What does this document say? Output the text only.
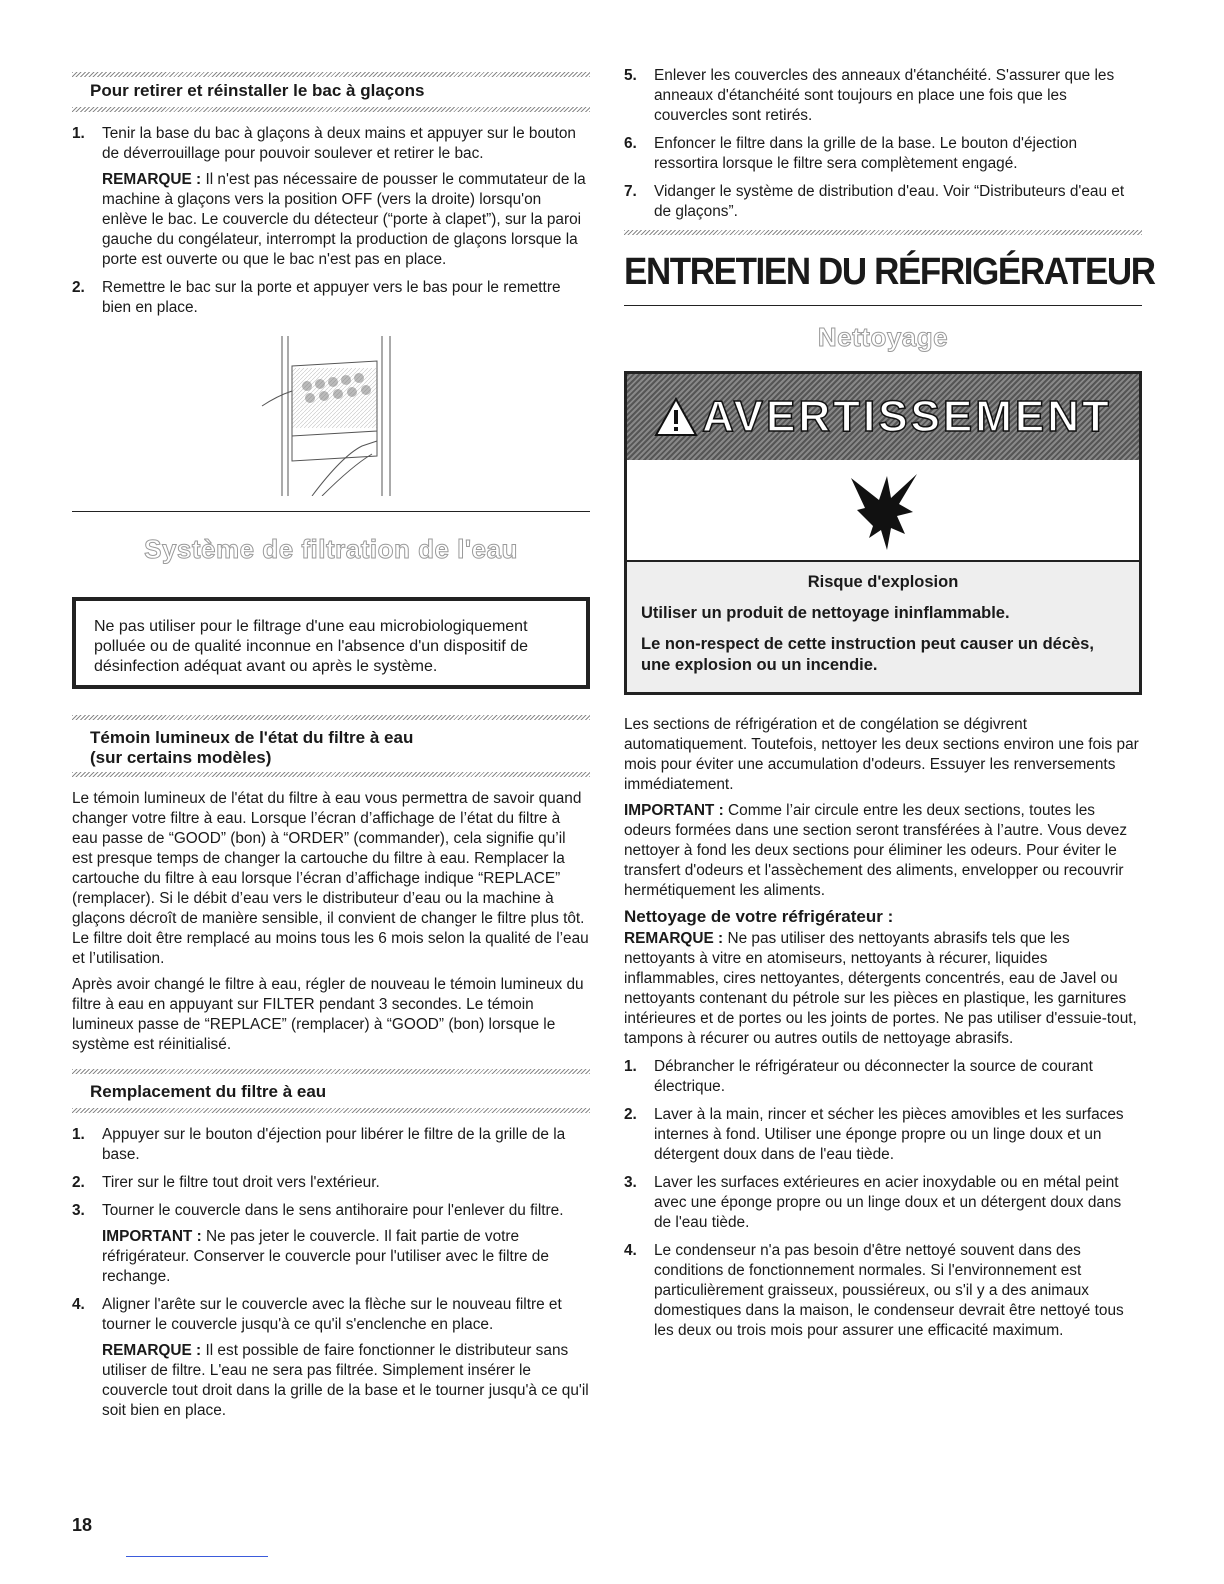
Pour retirer et réinstaller le bac à glaçons
1. Tenir la base du bac à glaçons à deux mains et appuyer sur le bouton de déverrouillage pour pouvoir soulever et retirer le bac.

REMARQUE : Il n'est pas nécessaire de pousser le commutateur de la machine à glaçons vers la position OFF (vers la droite) lorsqu'on enlève le bac. Le couvercle du détecteur (“porte à clapet”), sur la paroi gauche du congélateur, interrompt la production de glaçons lorsque la porte est ouverte ou que le bac n'est pas en place.

2. Remettre le bac sur la porte et appuyer vers le bas pour le remettre bien en place.

Système de filtration de l'eau

Ne pas utiliser pour le filtrage d'une eau microbiologiquement polluée ou de qualité inconnue en l'absence d'un dispositif de désinfection adéquat avant ou après le système.

Témoin lumineux de l'état du filtre à eau
(sur certains modèles)

Le témoin lumineux de l'état du filtre à eau vous permettra de savoir quand changer votre filtre à eau. Lorsque l’écran d’affichage de l’état du filtre à eau passe de “GOOD” (bon) à “ORDER” (commander), cela signifie qu’il est presque temps de changer la cartouche du filtre à eau. Remplacer la cartouche du filtre à eau lorsque l’écran d’affichage indique “REPLACE” (remplacer). Si le débit d’eau vers le distributeur d’eau ou la machine à glaçons décroît de manière sensible, il convient de changer le filtre plus tôt. Le filtre doit être remplacé au moins tous les 6 mois selon la qualité de l’eau et l’utilisation.

Après avoir changé le filtre à eau, régler de nouveau le témoin lumineux du filtre à eau en appuyant sur FILTER pendant 3 secondes. Le témoin lumineux passe de “REPLACE” (remplacer) à “GOOD” (bon) lorsque le système est réinitialisé.

Remplacement du filtre à eau
1. Appuyer sur le bouton d'éjection pour libérer le filtre de la grille de la base.

2. Tirer sur le filtre tout droit vers l'extérieur.

3. Tourner le couvercle dans le sens antihoraire pour l'enlever du filtre.

IMPORTANT : Ne pas jeter le couvercle. Il fait partie de votre réfrigérateur. Conserver le couvercle pour l'utiliser avec le filtre de rechange.

4. Aligner l'arête sur le couvercle avec la flèche sur le nouveau filtre et tourner le couvercle jusqu'à ce qu'il s'enclenche en place.

REMARQUE : Il est possible de faire fonctionner le distributeur sans utiliser de filtre. L'eau ne sera pas filtrée. Simplement insérer le couvercle tout droit dans la grille de la base et le tourner jusqu'à ce qu'il soit bien en place.

5. Enlever les couvercles des anneaux d'étanchéité. S'assurer que les anneaux d'étanchéité sont toujours en place une fois que les couvercles sont retirés.

6. Enfoncer le filtre dans la grille de la base. Le bouton d'éjection ressortira lorsque le filtre sera complètement engagé.

7. Vidanger le système de distribution d'eau. Voir “Distributeurs d'eau et de glaçons”.

ENTRETIEN DU RÉFRIGÉRATEUR
Nettoyage
AVERTISSEMENT

Risque d'explosion

Utiliser un produit de nettoyage ininflammable.

Le non-respect de cette instruction peut causer un décès, une explosion ou un incendie.

Les sections de réfrigération et de congélation se dégivrent automatiquement. Toutefois, nettoyer les deux sections environ une fois par mois pour éviter une accumulation d'odeurs. Essuyer les renversements immédiatement.

IMPORTANT : Comme l’air circule entre les deux sections, toutes les odeurs formées dans une section seront transférées à l’autre. Vous devez nettoyer à fond les deux sections pour éliminer les odeurs. Pour éviter le transfert d'odeurs et l'assèchement des aliments, envelopper ou recouvrir hermétiquement les aliments.

Nettoyage de votre réfrigérateur :

REMARQUE : Ne pas utiliser des nettoyants abrasifs tels que les nettoyants à vitre en atomiseurs, nettoyants à récurer, liquides inflammables, cires nettoyantes, détergents concentrés, eau de Javel ou nettoyants contenant du pétrole sur les pièces en plastique, les garnitures intérieures et de portes ou les joints de portes. Ne pas utiliser d'essuie-tout, tampons à récurer ou autres outils de nettoyage abrasifs.

1. Débrancher le réfrigérateur ou déconnecter la source de courant électrique.

2. Laver à la main, rincer et sécher les pièces amovibles et les surfaces internes à fond. Utiliser une éponge propre ou un linge doux et un détergent doux dans de l'eau tiède.

3. Laver les surfaces extérieures en acier inoxydable ou en métal peint avec une éponge propre ou un linge doux et un détergent doux dans de l'eau tiède.

4. Le condenseur n'a pas besoin d'être nettoyé souvent dans des conditions de fonctionnement normales. Si l'environnement est particulièrement graisseux, poussiéreux, ou s'il y a des animaux domestiques dans la maison, le condenseur devrait être nettoyé tous les deux ou trois mois pour assurer une efficacité maximum.

18
